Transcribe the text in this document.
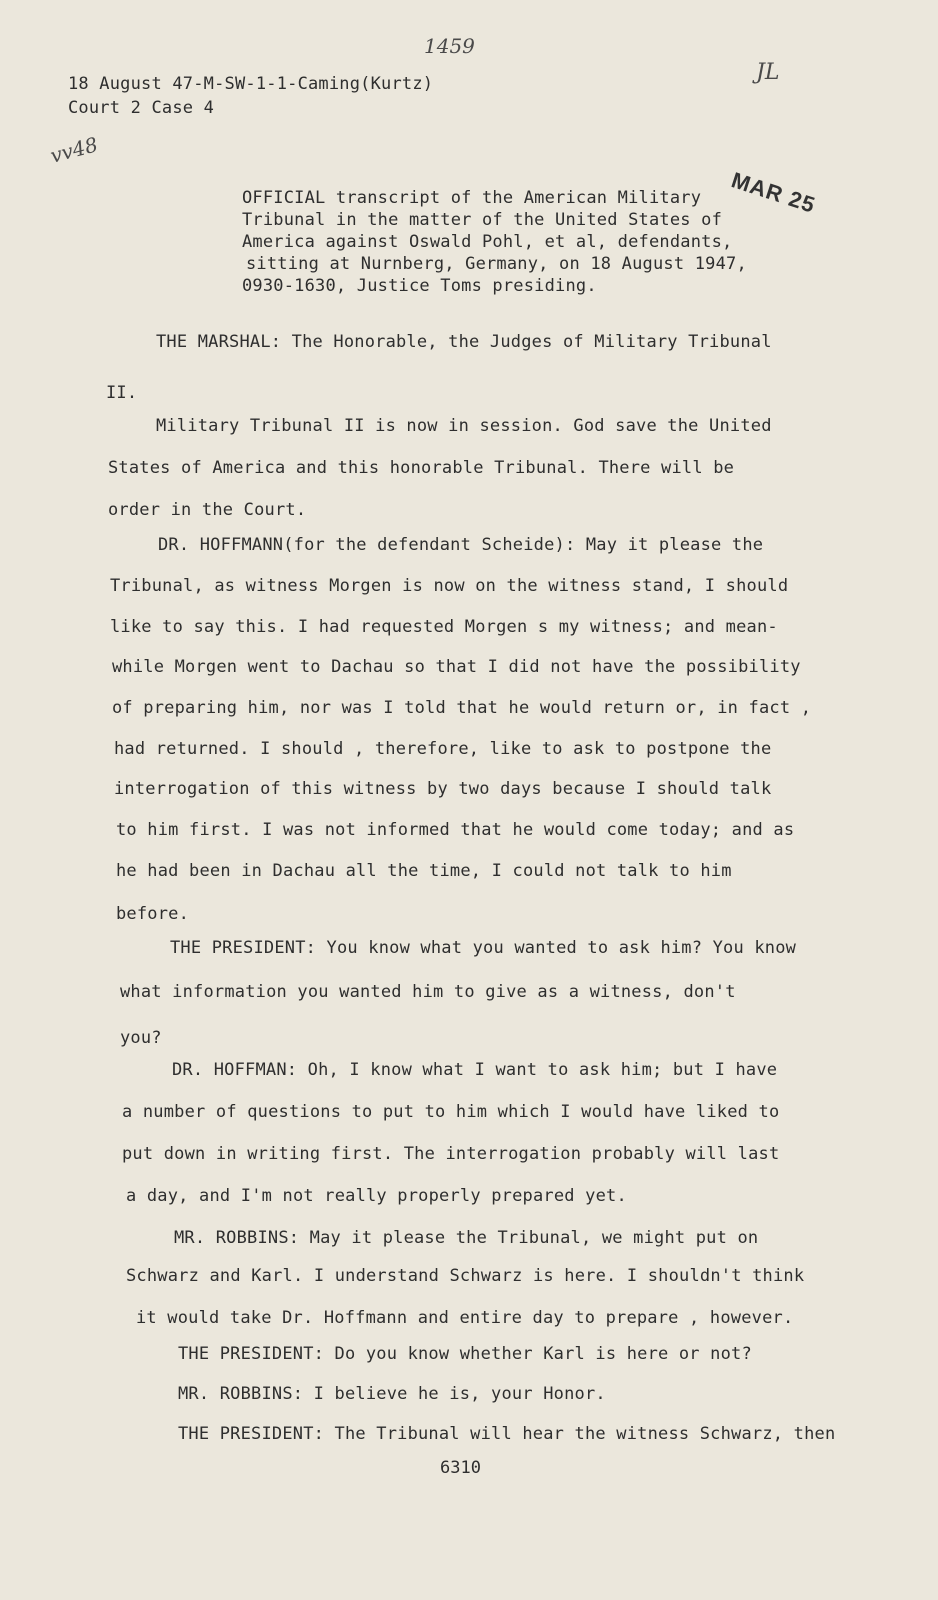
1459
JL
vv48
MAR 25
18 August 47-M-SW-1-1-Caming(Kurtz)
Court 2 Case 4
OFFICIAL transcript of the American Military
Tribunal in the matter of the United States of
America against Oswald Pohl, et al, defendants,
sitting at Nurnberg, Germany, on 18 August 1947,
0930-1630, Justice Toms presiding.
THE MARSHAL: The Honorable, the Judges of Military Tribunal
II.
Military Tribunal II is now in session. God save the United
States of America and this honorable Tribunal. There will be
order in the Court.
DR. HOFFMANN(for the defendant Scheide): May it please the
Tribunal, as witness Morgen is now on the witness stand, I should
like to say this. I had requested Morgen s my witness; and mean-
while Morgen went to Dachau so that I did not have the possibility
of preparing him, nor was I told that he would return or, in fact ,
had returned. I should , therefore, like to ask to postpone the
interrogation of this witness by two days because I should talk
to him first. I was not informed that he would come today; and as
he had been in Dachau all the time, I could not talk to him
before.
THE PRESIDENT: You know what you wanted to ask him? You know
what information you wanted him to give as a witness, don't
you?
DR. HOFFMAN: Oh, I know what I want to ask him; but I have
a number of questions to put to him which I would have liked to
put down in writing first. The interrogation probably will last
a day, and I'm not really properly prepared yet.
MR. ROBBINS: May it please the Tribunal, we might put on
Schwarz and Karl. I understand Schwarz is here. I shouldn't think
it would take Dr. Hoffmann and entire day to prepare , however.
THE PRESIDENT: Do you know whether Karl is here or not?
MR. ROBBINS: I believe he is, your Honor.
THE PRESIDENT: The Tribunal will hear the witness Schwarz, then
6310
